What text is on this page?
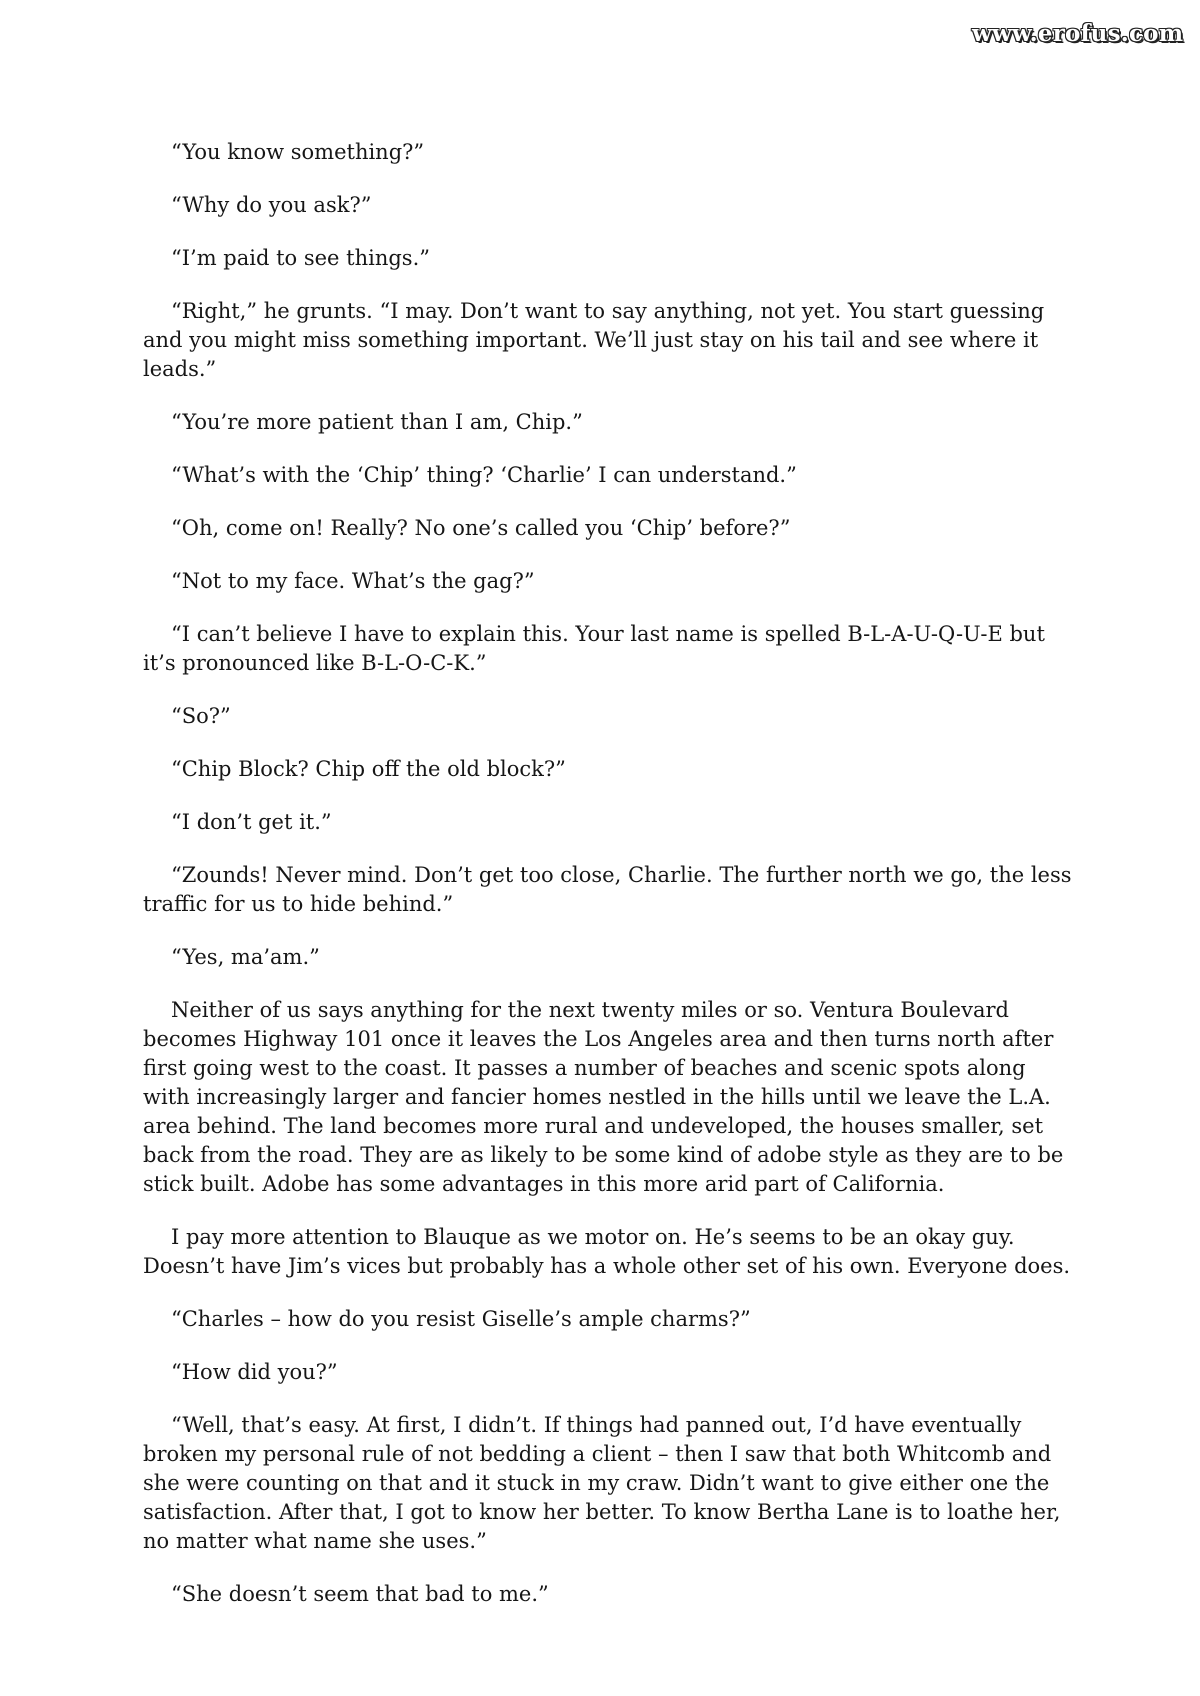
www.erofus.com

“You know something?”

“Why do you ask?”

“I’m paid to see things.”

“Right,” he grunts. “I may. Don’t want to say anything, not yet. You start guessing and you might miss something important. We’ll just stay on his tail and see where it leads.”

“You’re more patient than I am, Chip.”

“What’s with the ‘Chip’ thing? ‘Charlie’ I can understand.”

“Oh, come on! Really? No one’s called you ‘Chip’ before?”

“Not to my face. What’s the gag?”

“I can’t believe I have to explain this. Your last name is spelled B-L-A-U-Q-U-E but it’s pronounced like B-L-O-C-K.”

“So?”

“Chip Block? Chip off the old block?”

“I don’t get it.”

“Zounds! Never mind. Don’t get too close, Charlie. The further north we go, the less traffic for us to hide behind.”

“Yes, ma’am.”

Neither of us says anything for the next twenty miles or so. Ventura Boulevard becomes Highway 101 once it leaves the Los Angeles area and then turns north after first going west to the coast. It passes a number of beaches and scenic spots along with increasingly larger and fancier homes nestled in the hills until we leave the L.A. area behind. The land becomes more rural and undeveloped, the houses smaller, set back from the road. They are as likely to be some kind of adobe style as they are to be stick built. Adobe has some advantages in this more arid part of California.

I pay more attention to Blauque as we motor on. He’s seems to be an okay guy. Doesn’t have Jim’s vices but probably has a whole other set of his own. Everyone does.

“Charles – how do you resist Giselle’s ample charms?”

“How did you?”

“Well, that’s easy. At first, I didn’t. If things had panned out, I’d have eventually broken my personal rule of not bedding a client – then I saw that both Whitcomb and she were counting on that and it stuck in my craw. Didn’t want to give either one the satisfaction. After that, I got to know her better. To know Bertha Lane is to loathe her, no matter what name she uses.”

“She doesn’t seem that bad to me.”
